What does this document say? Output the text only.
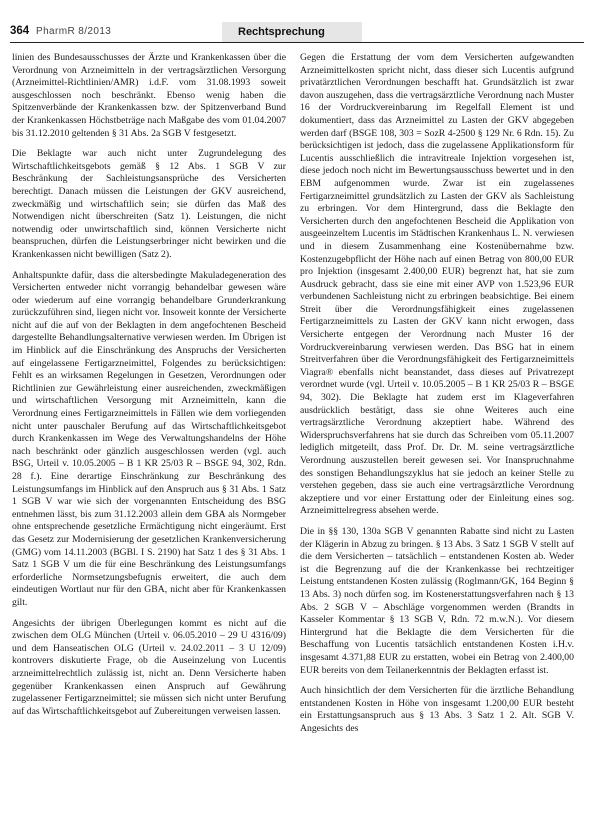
364 PharmR 8/2013	Rechtsprechung

linien des Bundesausschusses der Ärzte und Krankenkassen über die Verordnung von Arzneimitteln in der vertragsärztlichen Versorgung (Arzneimittel-Richtlinien/AMR) i.d.F. vom 31.08.1993 soweit ausgeschlossen noch beschränkt. Ebenso wenig haben die Spitzenverbände der Krankenkassen bzw. der Spitzenverband Bund der Krankenkassen Höchstbeträge nach Maßgabe des vom 01.04.2007 bis 31.12.2010 geltenden § 31 Abs. 2a SGB V festgesetzt.

Die Beklagte war auch nicht unter Zugrundelegung des Wirtschaftlichkeitsgebots gemäß § 12 Abs. 1 SGB V zur Beschränkung der Sachleistungsansprüche des Versicherten berechtigt. Danach müssen die Leistungen der GKV ausreichend, zweckmäßig und wirtschaftlich sein; sie dürfen das Maß des Notwendigen nicht überschreiten (Satz 1). Leistungen, die nicht notwendig oder unwirtschaftlich sind, können Versicherte nicht beanspruchen, dürfen die Leistungserbringer nicht bewirken und die Krankenkassen nicht bewilligen (Satz 2).

Anhaltspunkte dafür, dass die altersbedingte Makuladegeneration des Versicherten entweder nicht vorrangig behandelbar gewesen wäre oder wiederum auf eine vorrangig behandelbare Grunderkrankung zurückzuführen sind, liegen nicht vor. Insoweit konnte der Versicherte nicht auf die auf von der Beklagten in dem angefochtenen Bescheid dargestellte Behandlungsalternative verwiesen werden. Im Übrigen ist im Hinblick auf die Einschränkung des Anspruchs der Versicherten auf eingelassene Fertigarzneimittel, Folgendes zu berücksichtigen: Fehlt es an wirksamen Regelungen in Gesetzen, Verordnungen oder Richtlinien zur Gewährleistung einer ausreichenden, zweckmäßigen und wirtschaftlichen Versorgung mit Arzneimitteln, kann die Verordnung eines Fertigarzneimittels in Fällen wie dem vorliegenden nicht unter pauschaler Berufung auf das Wirtschaftlichkeitsgebot durch Krankenkassen im Wege des Verwaltungshandelns der Höhe nach beschränkt oder gänzlich ausgeschlossen werden (vgl. auch BSG, Urteil v. 10.05.2005 – B 1 KR 25/03 R – BSGE 94, 302, Rdn. 28 f.). Eine derartige Einschränkung zur Beschränkung des Leistungsumfangs im Hinblick auf den Anspruch aus § 31 Abs. 1 Satz 1 SGB V war wie sich der vorgenannten Entscheidung des BSG entnehmen lässt, bis zum 31.12.2003 allein dem GBA als Normgeber ohne entsprechende gesetzliche Ermächtigung nicht eingeräumt. Erst das Gesetz zur Modernisierung der gesetzlichen Krankenversicherung (GMG) vom 14.11.2003 (BGBl. I S. 2190) hat Satz 1 des § 31 Abs. 1 Satz 1 SGB V um die für eine Beschränkung des Leistungsumfangs erforderliche Normsetzungsbefugnis erweitert, die auch dem eindeutigen Wortlaut nur für den GBA, nicht aber für Krankenkassen gilt.

Angesichts der übrigen Überlegungen kommt es nicht auf die zwischen dem OLG München (Urteil v. 06.05.2010 – 29 U 4316/09) und dem Hanseatischen OLG (Urteil v. 24.02.2011 – 3 U 12/09) kontrovers diskutierte Frage, ob die Auseinzelung von Lucentis arzneimittelrechtlich zulässig ist, nicht an. Denn Versicherte haben gegenüber Krankenkassen einen Anspruch auf Gewährung zugelassener Fertigarzneimittel; sie müssen sich nicht unter Berufung auf das Wirtschaftlichkeitsgebot auf Zubereitungen verweisen lassen.

Gegen die Erstattung der vom dem Versicherten aufgewandten Arzneimittelkosten spricht nicht, dass dieser sich Lucentis aufgrund privatärztlichen Verordnungen beschafft hat. Grundsätzlich ist zwar davon auszugehen, dass die vertragsärztliche Verordnung nach Muster 16 der Vordruckvereinbarung im Regelfall Element ist und dokumentiert, dass das Arzneimittel zu Lasten der GKV abgegeben werden darf (BSGE 108, 303 = SozR 4-2500 § 129 Nr. 6 Rdn. 15). Zu berücksichtigen ist jedoch, dass die zugelassene Applikationsform für Lucentis ausschließlich die intravitreale Injektion vorgesehen ist, diese jedoch noch nicht im Bewertungsausschuss bewertet und in den EBM aufgenommen wurde. Zwar ist ein zugelassenes Fertigarzneimittel grundsätzlich zu Lasten der GKV als Sachleistung zu erbringen. Vor dem Hintergrund, dass die Beklagte den Versicherten durch den angefochtenen Bescheid die Applikation von ausgeeinzeltem Lucentis im Städtischen Krankenhaus L. N. verwiesen und in diesem Zusammenhang eine Kostenübernahme bzw. Kostenzugebpflicht der Höhe nach auf einen Betrag von 800,00 EUR pro Injektion (insgesamt 2.400,00 EUR) begrenzt hat, hat sie zum Ausdruck gebracht, dass sie eine mit einer AVP von 1.523,96 EUR verbundenen Sachleistung nicht zu erbringen beabsichtige. Bei einem Streit über die Verordnungsfähigkeit eines zugelassenen Fertigarzneimittels zu Lasten der GKV kann nicht erwogen, dass Versicherte entgegen der Verordnung nach Muster 16 der Vordruckvereinbarung verwiesen werden. Das BSG hat in einem Streitverfahren über die Verordnungsfähigkeit des Fertigarzneimittels Viagra® ebenfalls nicht beanstandet, dass dieses auf Privatrezept verordnet wurde (vgl. Urteil v. 10.05.2005 – B 1 KR 25/03 R – BSGE 94, 302). Die Beklagte hat zudem erst im Klageverfahren ausdrücklich bestätigt, dass sie ohne Weiteres auch eine vertragsärztliche Verordnung akzeptiert habe. Während des Widerspruchsverfahrens hat sie durch das Schreiben vom 05.11.2007 lediglich mitgeteilt, dass Prof. Dr. Dr. M. seine vertragsärztliche Verordnung auszustellen bereit gewesen sei. Vor Inanspruchnahme des sonstigen Behandlungszyklus hat sie jedoch an keiner Stelle zu verstehen gegeben, dass sie auch eine vertragsärztliche Verordnung akzeptiere und vor einer Erstattung oder der Einleitung eines sog. Arzneimittelregress absehen werde.

Die in §§ 130, 130a SGB V genannten Rabatte sind nicht zu Lasten der Klägerin in Abzug zu bringen. § 13 Abs. 3 Satz 1 SGB V stellt auf die dem Versicherten – tatsächlich – entstandenen Kosten ab. Weder ist die Begrenzung auf die der Krankenkasse bei rechtzeitiger Leistung entstandenen Kosten zulässig (Roglmann/GK, 164 Beginn § 13 Abs. 3) noch dürfen sog. im Kostenerstattungsverfahren nach § 13 Abs. 2 SGB V – Abschläge vorgenommen werden (Brandts in Kasseler Kommentar § 13 SGB V, Rdn. 72 m.w.N.). Vor diesem Hintergrund hat die Beklagte die dem Versicherten für die Beschaffung von Lucentis tatsächlich entstandenen Kosten i.H.v. insgesamt 4.371,88 EUR zu erstatten, wobei ein Betrag von 2.400,00 EUR bereits von dem Teilanerkenntnis der Beklagten erfasst ist.

Auch hinsichtlich der dem Versicherten für die ärztliche Behandlung entstandenen Kosten in Höhe von insgesamt 1.200,00 EUR besteht ein Erstattungsanspruch aus § 13 Abs. 3 Satz 1 2. Alt. SGB V. Angesichts des
